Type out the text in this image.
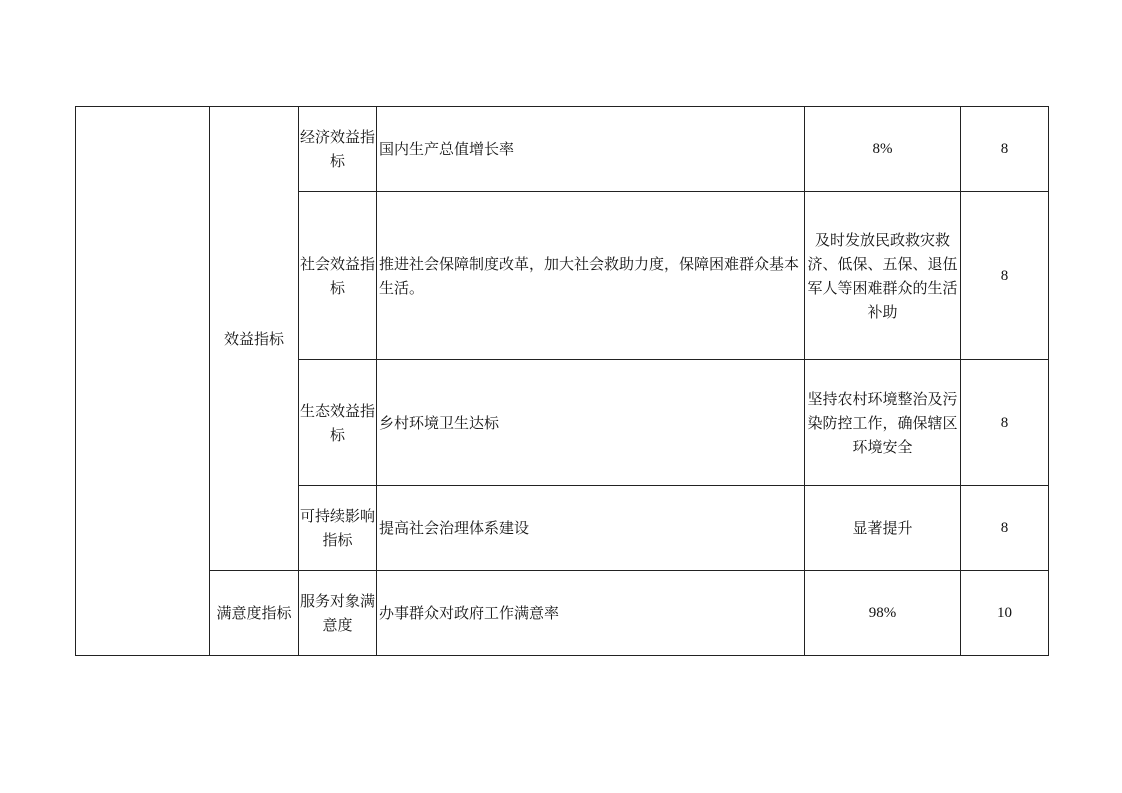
	效益指标	经济效益指标	国内生产总值增长率	8%	8
		社会效益指标	推进社会保障制度改革，加大社会救助力度，保障困难群众基本生活。	及时发放民政救灾救济、低保、五保、退伍军人等困难群众的生活补助	8
		生态效益指标	乡村环境卫生达标	坚持农村环境整治及污染防控工作，确保辖区环境安全	8
		可持续影响指标	提高社会治理体系建设	显著提升	8
	满意度指标	服务对象满意度	办事群众对政府工作满意率	98%	10
